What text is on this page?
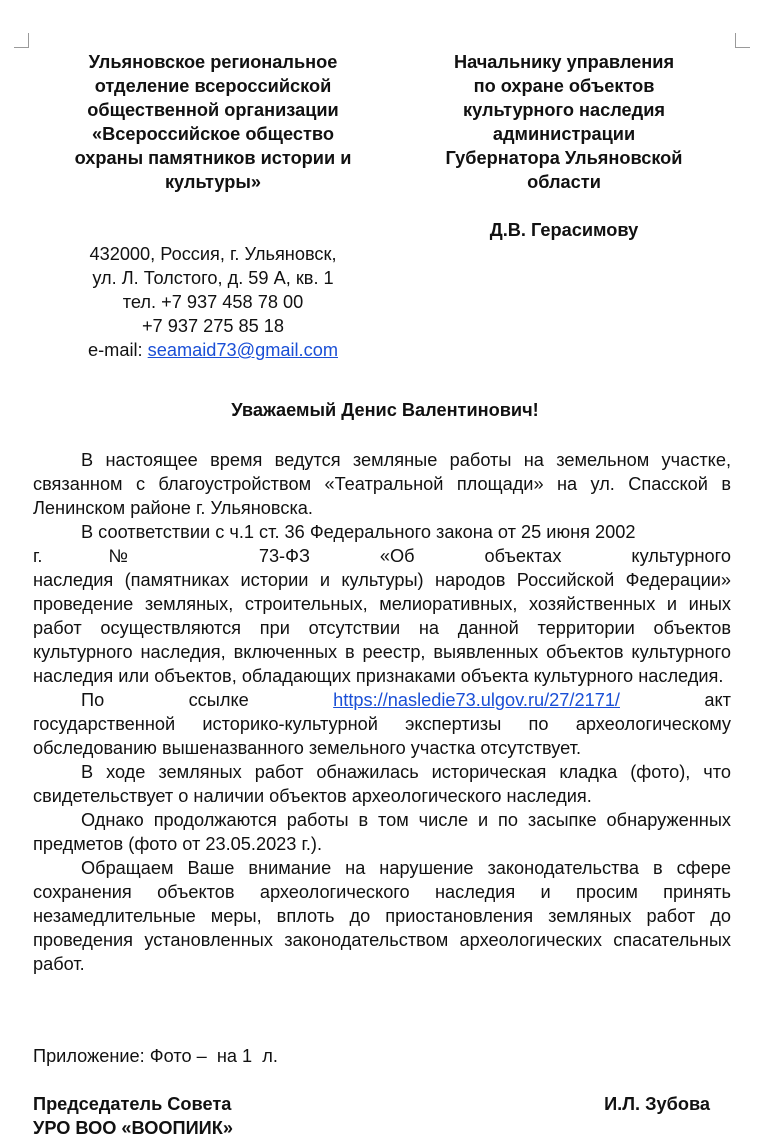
Ульяновское региональное
отделение всероссийской
общественной организации
«Всероссийское общество
охраны памятников истории и
культуры»
432000, Россия, г. Ульяновск,
ул. Л. Толстого, д. 59 А, кв. 1
тел. +7 937 458 78 00
+7 937 275 85 18
e-mail: seamaid73@gmail.com
Начальнику управления
по охране объектов
культурного наследия
администрации
Губернатора Ульяновской
области
Д.В. Герасимову
Уважаемый Денис Валентинович!

В настоящее время ведутся земляные работы на земельном участке, связанном с благоустройством «Театральной площади» на ул. Спасской в Ленинском районе г. Ульяновска.

В соответствии с ч.1 ст. 36 Федерального закона от 25 июня 2002

г.	№ 73-ФЗ «Об объектах культурного

наследия (памятниках истории и культуры) народов Российской Федерации» проведение земляных, строительных, мелиоративных, хозяйственных и иных работ осуществляются при отсутствии на данной территории объектов культурного наследия, включенных в реестр, выявленных объектов культурного наследия или объектов, обладающих признаками объекта культурного наследия.

По ссылке	https://nasledie73.ulgov.ru/27/2171/	акт
государственной историко-культурной экспертизы по археологическому обследованию вышеназванного земельного участка отсутствует.

В ходе земляных работ обнажилась историческая кладка (фото), что свидетельствует о наличии объектов археологического наследия.

Однако продолжаются работы в том числе и по засыпке обнаруженных предметов (фото от 23.05.2023 г.).

Обращаем Ваше внимание на нарушение законодательства в сфере сохранения объектов археологического наследия и просим принять незамедлительные меры, вплоть до приостановления земляных работ до проведения установленных законодательством археологических спасательных работ.

Приложение: Фото –  на 1  л.
Председатель Совета
УРО ВОО «ВООПИИК»
И.Л. Зубова
